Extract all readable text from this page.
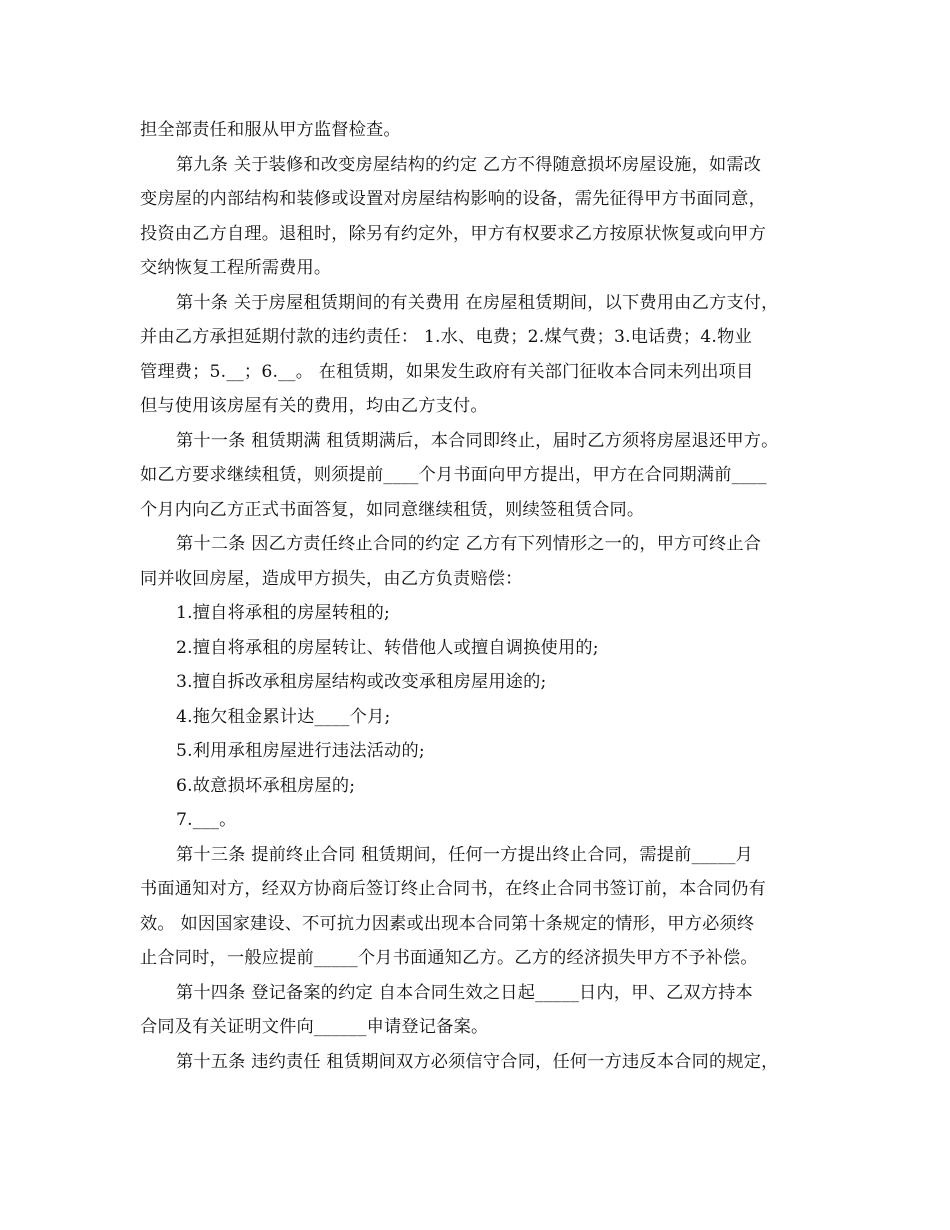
担全部责任和服从甲方监督检查。
第九条 关于装修和改变房屋结构的约定 乙方不得随意损坏房屋设施，如需改
变房屋的内部结构和装修或设置对房屋结构影响的设备，需先征得甲方书面同意，
投资由乙方自理。退租时，除另有约定外，甲方有权要求乙方按原状恢复或向甲方
交纳恢复工程所需费用。
第十条 关于房屋租赁期间的有关费用 在房屋租赁期间，以下费用由乙方支付，
并由乙方承担延期付款的违约责任： 1.水、电费；2.煤气费；3.电话费；4.物业
管理费；5.__；6.__。 在租赁期，如果发生政府有关部门征收本合同未列出项目
但与使用该房屋有关的费用，均由乙方支付。
第十一条 租赁期满 租赁期满后，本合同即终止，届时乙方须将房屋退还甲方。
如乙方要求继续租赁，则须提前____个月书面向甲方提出，甲方在合同期满前____
个月内向乙方正式书面答复，如同意继续租赁，则续签租赁合同。
第十二条 因乙方责任终止合同的约定 乙方有下列情形之一的，甲方可终止合
同并收回房屋，造成甲方损失，由乙方负责赔偿：
1.擅自将承租的房屋转租的;
2.擅自将承租的房屋转让、转借他人或擅自调换使用的;
3.擅自拆改承租房屋结构或改变承租房屋用途的;
4.拖欠租金累计达____个月;
5.利用承租房屋进行违法活动的;
6.故意损坏承租房屋的;
7.___。
第十三条 提前终止合同 租赁期间，任何一方提出终止合同，需提前_____月
书面通知对方，经双方协商后签订终止合同书，在终止合同书签订前，本合同仍有
效。 如因国家建设、不可抗力因素或出现本合同第十条规定的情形，甲方必须终
止合同时，一般应提前_____个月书面通知乙方。乙方的经济损失甲方不予补偿。
第十四条 登记备案的约定 自本合同生效之日起_____日内，甲、乙双方持本
合同及有关证明文件向______申请登记备案。
第十五条 违约责任 租赁期间双方必须信守合同，任何一方违反本合同的规定，
